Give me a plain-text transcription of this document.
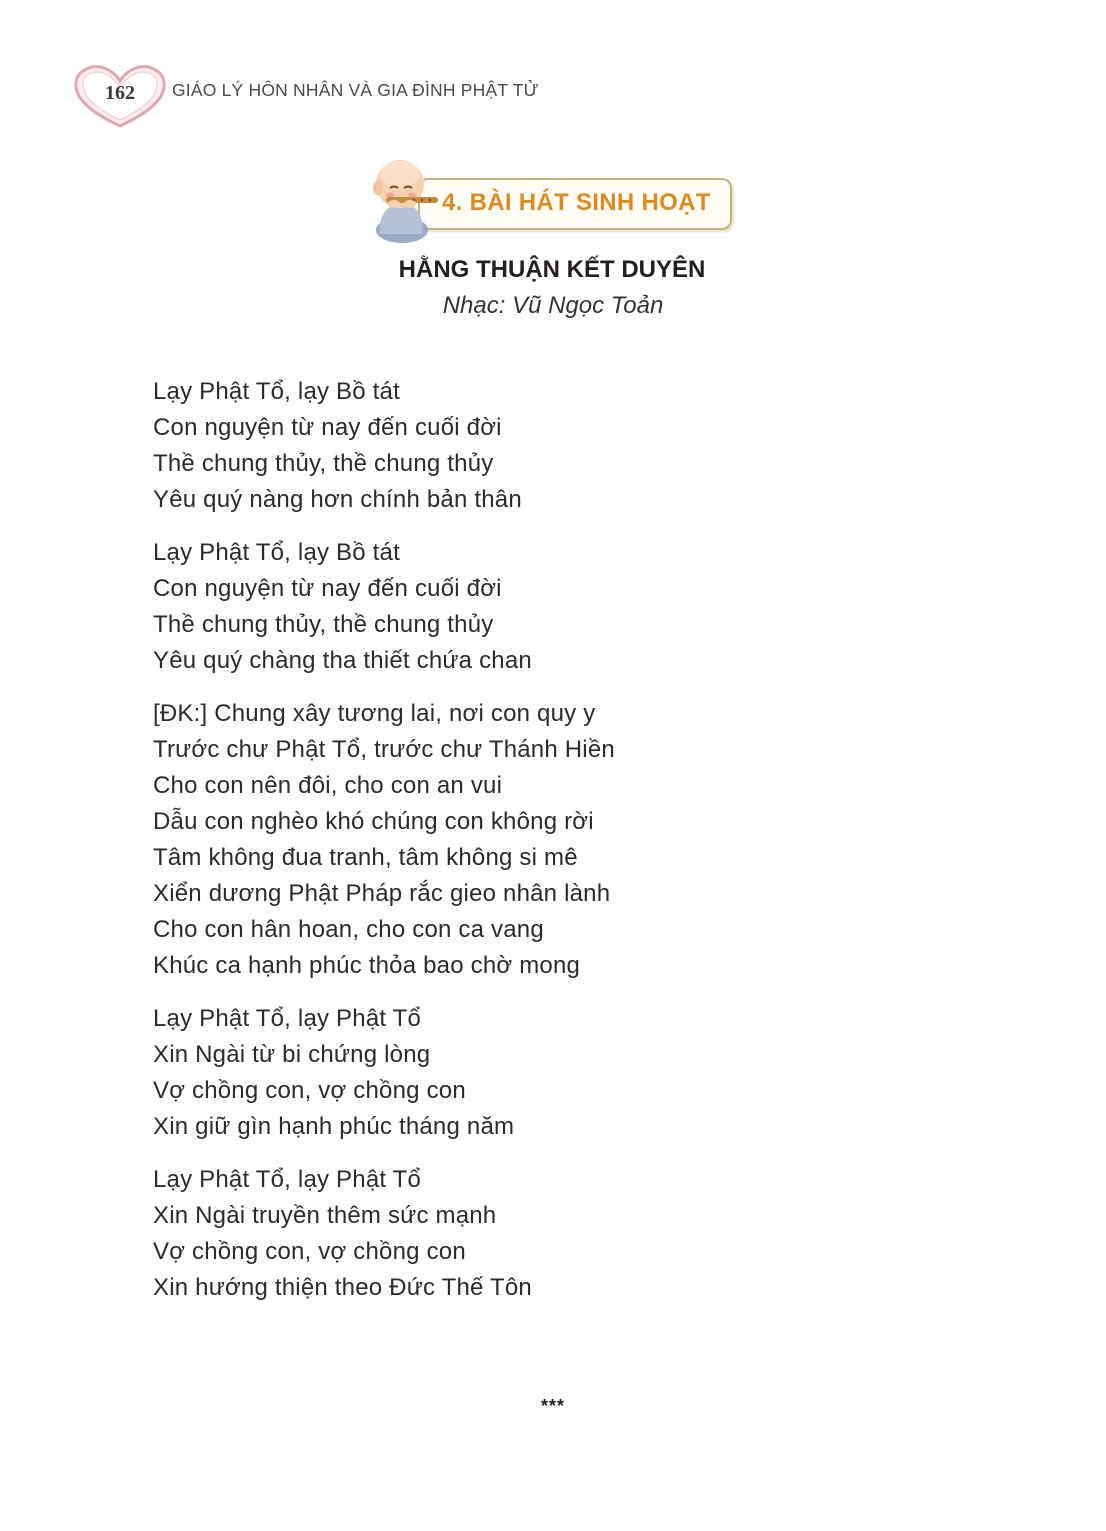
162	GIÁO LÝ HÔN NHÂN VÀ GIA ĐÌNH PHẬT TỬ
4. BÀI HÁT SINH HOẠT
HẰNG THUẬN KẾT DUYÊN
Nhạc: Vũ Ngọc Toản
Lạy Phật Tổ, lạy Bồ tát
Con nguyện từ nay đến cuối đời
Thề chung thủy, thề chung thủy
Yêu quý nàng hơn chính bản thân
Lạy Phật Tổ, lạy Bồ tát
Con nguyện từ nay đến cuối đời
Thề chung thủy, thề chung thủy
Yêu quý chàng tha thiết chứa chan
[ĐK:] Chung xây tương lai, nơi con quy y
Trước chư Phật Tổ, trước chư Thánh Hiền
Cho con nên đôi, cho con an vui
Dẫu con nghèo khó chúng con không rời
Tâm không đua tranh, tâm không si mê
Xiển dương Phật Pháp rắc gieo nhân lành
Cho con hân hoan, cho con ca vang
Khúc ca hạnh phúc thỏa bao chờ mong
Lạy Phật Tổ, lạy Phật Tổ
Xin Ngài từ bi chứng lòng
Vợ chồng con, vợ chồng con
Xin giữ gìn hạnh phúc tháng năm
Lạy Phật Tổ, lạy Phật Tổ
Xin Ngài truyền thêm sức mạnh
Vợ chồng con, vợ chồng con
Xin hướng thiện theo Đức Thế Tôn
***
